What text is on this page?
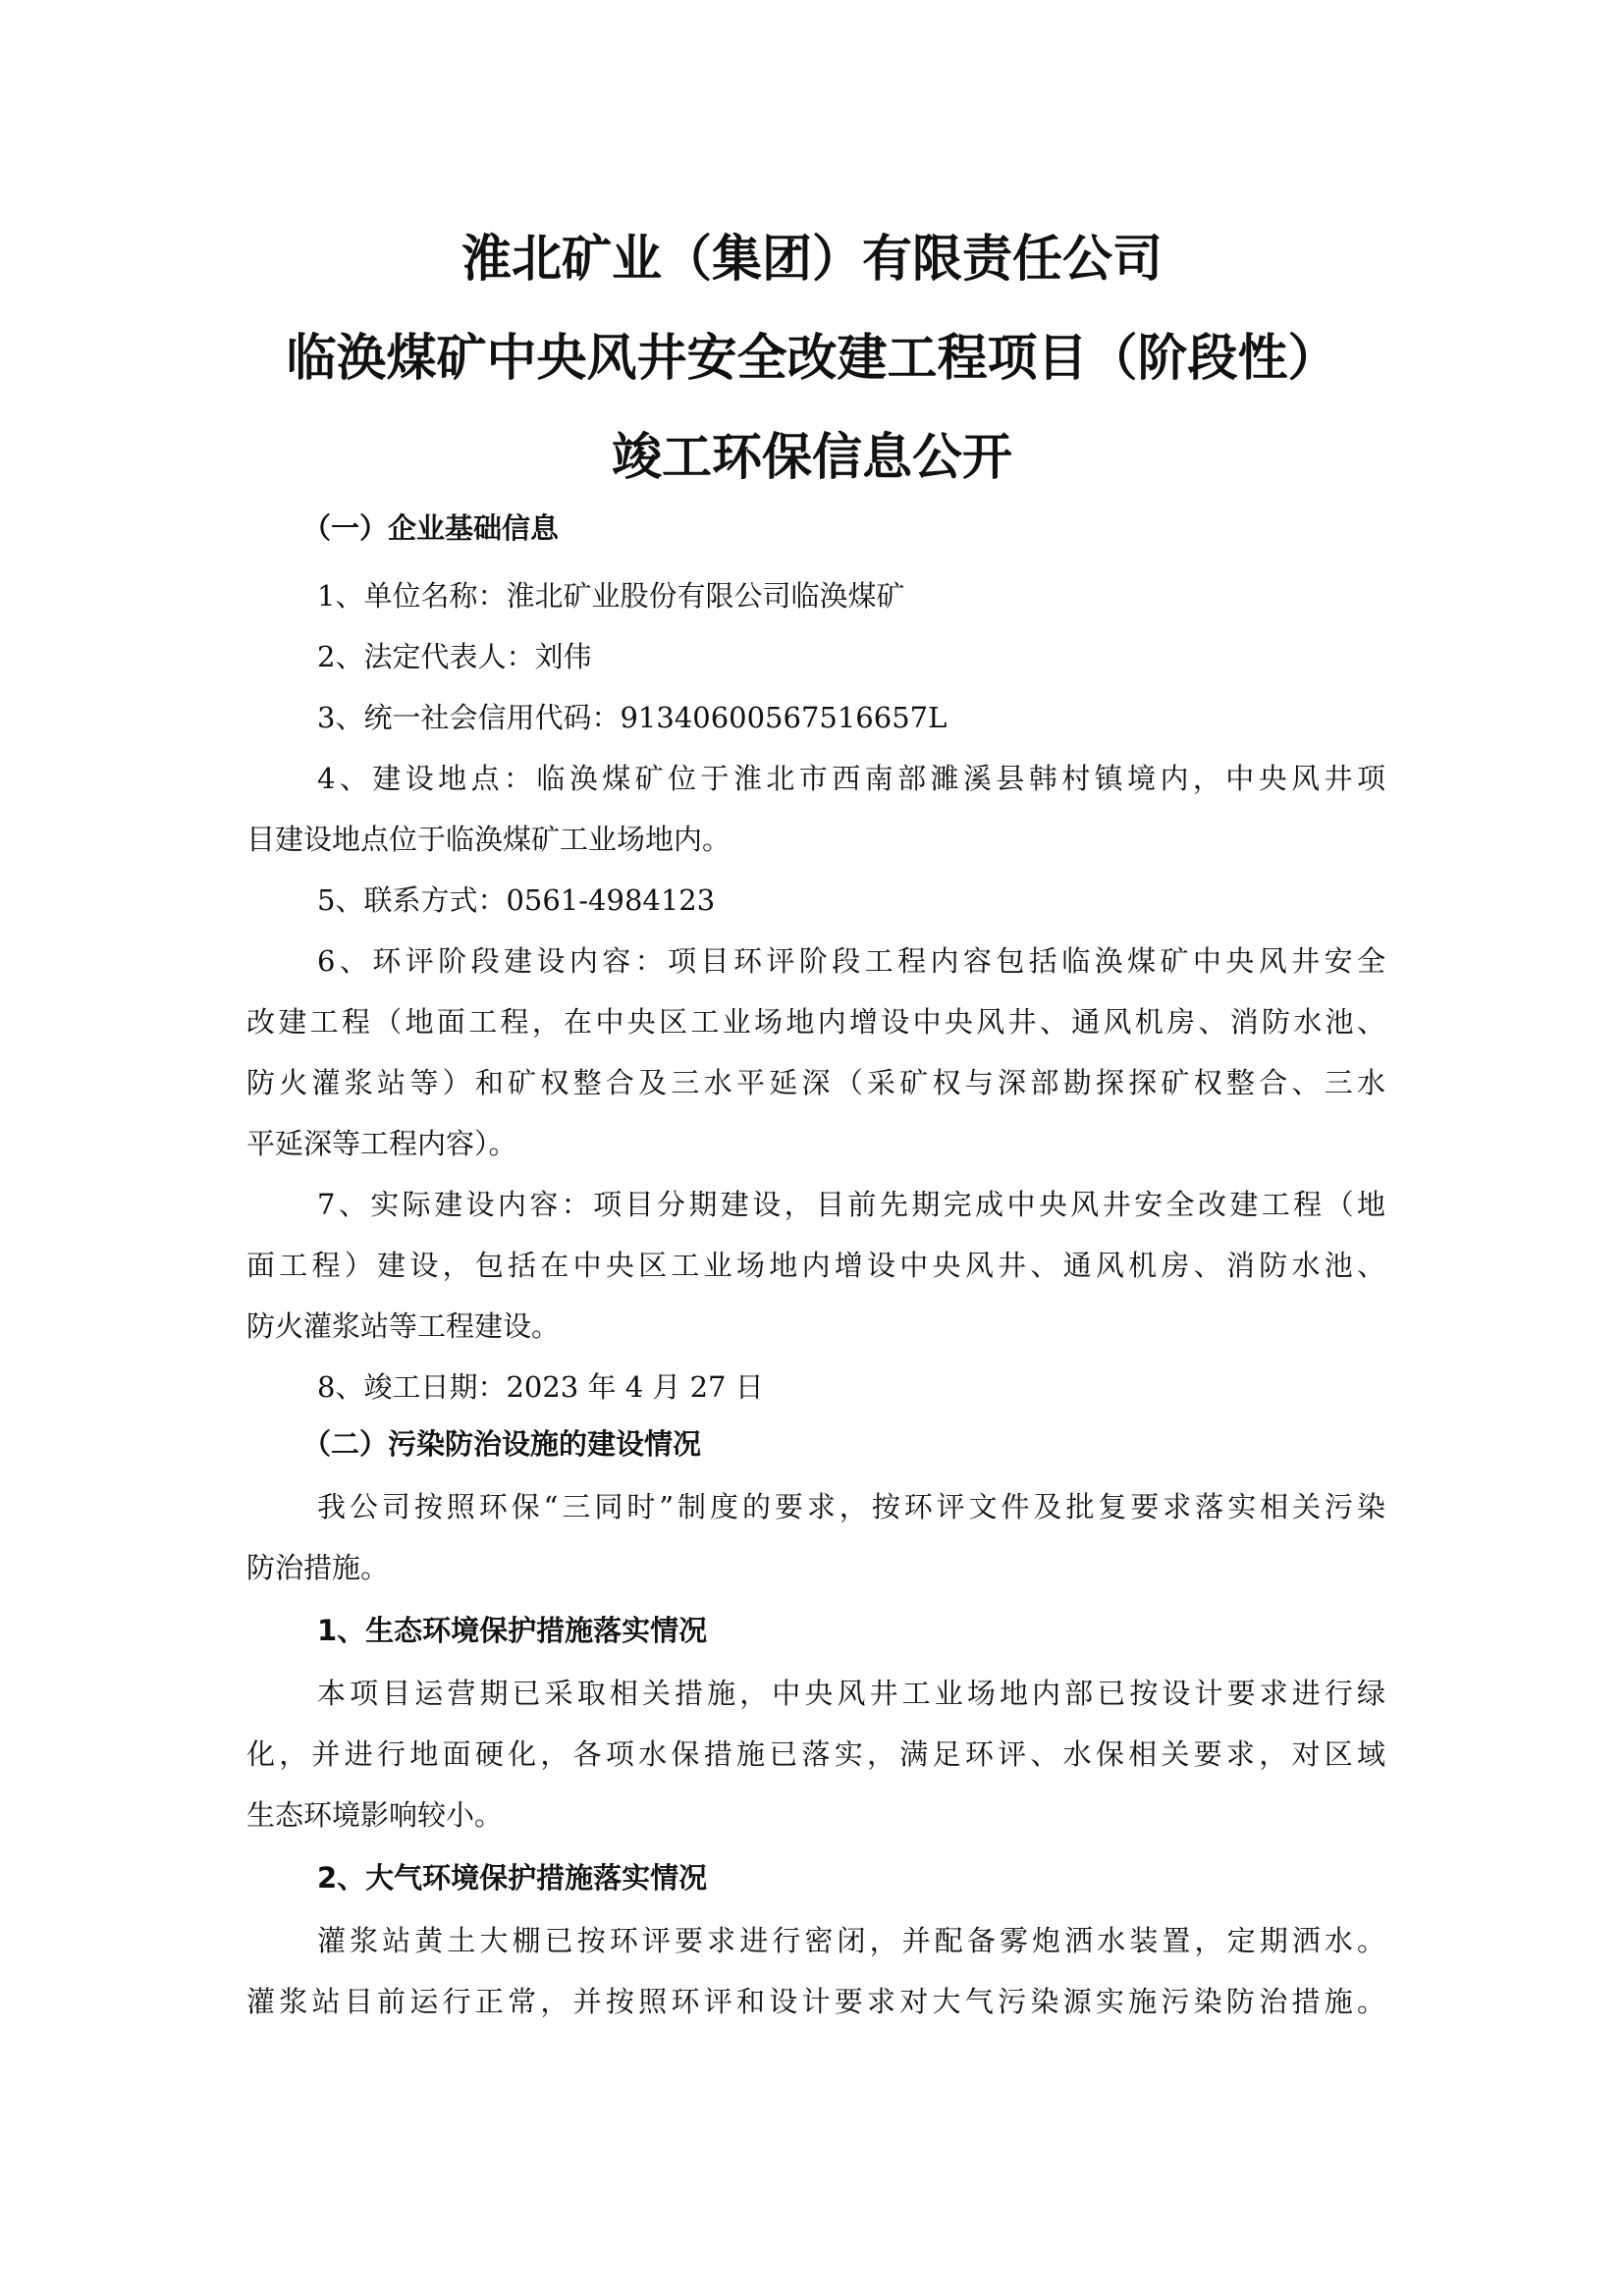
淮北矿业（集团）有限责任公司
临涣煤矿中央风井安全改建工程项目（阶段性）
竣工环保信息公开

（一）企业基础信息

1、单位名称：淮北矿业股份有限公司临涣煤矿

2、法定代表人：刘伟

3、统一社会信用代码：91340600567516657L

4、建设地点：临涣煤矿位于淮北市西南部濉溪县韩村镇境内，中央风井项

目建设地点位于临涣煤矿工业场地内。

5、联系方式：0561-4984123

6、环评阶段建设内容：项目环评阶段工程内容包括临涣煤矿中央风井安全

改建工程（地面工程，在中央区工业场地内增设中央风井、通风机房、消防水池、

防火灌浆站等）和矿权整合及三水平延深（采矿权与深部勘探探矿权整合、三水

平延深等工程内容）。

7、实际建设内容：项目分期建设，目前先期完成中央风井安全改建工程（地

面工程）建设，包括在中央区工业场地内增设中央风井、通风机房、消防水池、

防火灌浆站等工程建设。

8、竣工日期：2023 年 4 月 27 日

（二）污染防治设施的建设情况

我公司按照环保“三同时”制度的要求，按环评文件及批复要求落实相关污染

防治措施。

1、生态环境保护措施落实情况

本项目运营期已采取相关措施，中央风井工业场地内部已按设计要求进行绿

化，并进行地面硬化，各项水保措施已落实，满足环评、水保相关要求，对区域

生态环境影响较小。

2、大气环境保护措施落实情况

灌浆站黄土大棚已按环评要求进行密闭，并配备雾炮洒水装置，定期洒水。

灌浆站目前运行正常，并按照环评和设计要求对大气污染源实施污染防治措施。
